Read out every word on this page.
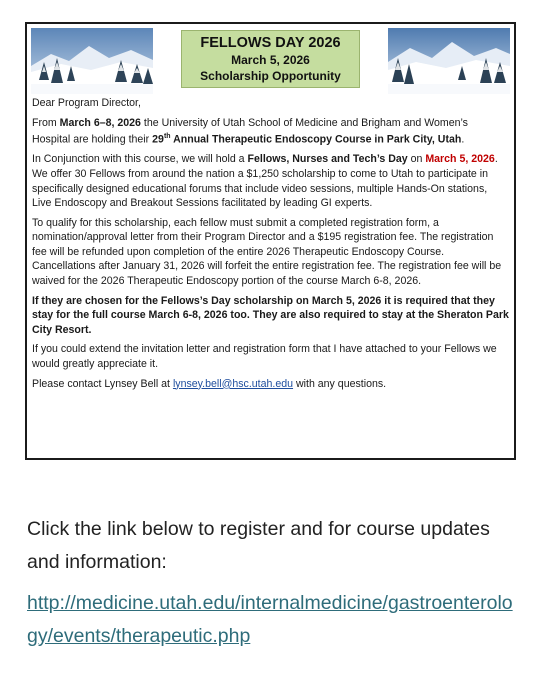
FELLOWS DAY 2026
March 5, 2026
Scholarship Opportunity

Dear Program Director,

From March 6–8, 2026 the University of Utah School of Medicine and Brigham and Women’s Hospital are holding their 29th Annual Therapeutic Endoscopy Course in Park City, Utah.

In Conjunction with this course, we will hold a Fellows, Nurses and Tech’s Day on March 5, 2026. We offer 30 Fellows from around the nation a $1,250 scholarship to come to Utah to participate in specifically designed educational forums that include video sessions, multiple Hands-On stations, Live Endoscopy and Breakout Sessions facilitated by leading GI experts.

To qualify for this scholarship, each fellow must submit a completed registration form, a nomination/approval letter from their Program Director and a $195 registration fee. The registration fee will be refunded upon completion of the entire 2026 Therapeutic Endoscopy Course. Cancellations after January 31, 2026 will forfeit the entire registration fee. The registration fee will be waived for the 2026 Therapeutic Endoscopy portion of the course March 6-8, 2026.

If they are chosen for the Fellows’s Day scholarship on March 5, 2026 it is required that they stay for the full course March 6-8, 2026 too. They are also required to stay at the Sheraton Park City Resort.

If you could extend the invitation letter and registration form that I have attached to your Fellows we would greatly appreciate it.

Please contact Lynsey Bell at lynsey.bell@hsc.utah.edu with any questions.

Click the link below to register and for course updates and information:
http://medicine.utah.edu/internalmedicine/gastroenterology/events/therapeutic.php
